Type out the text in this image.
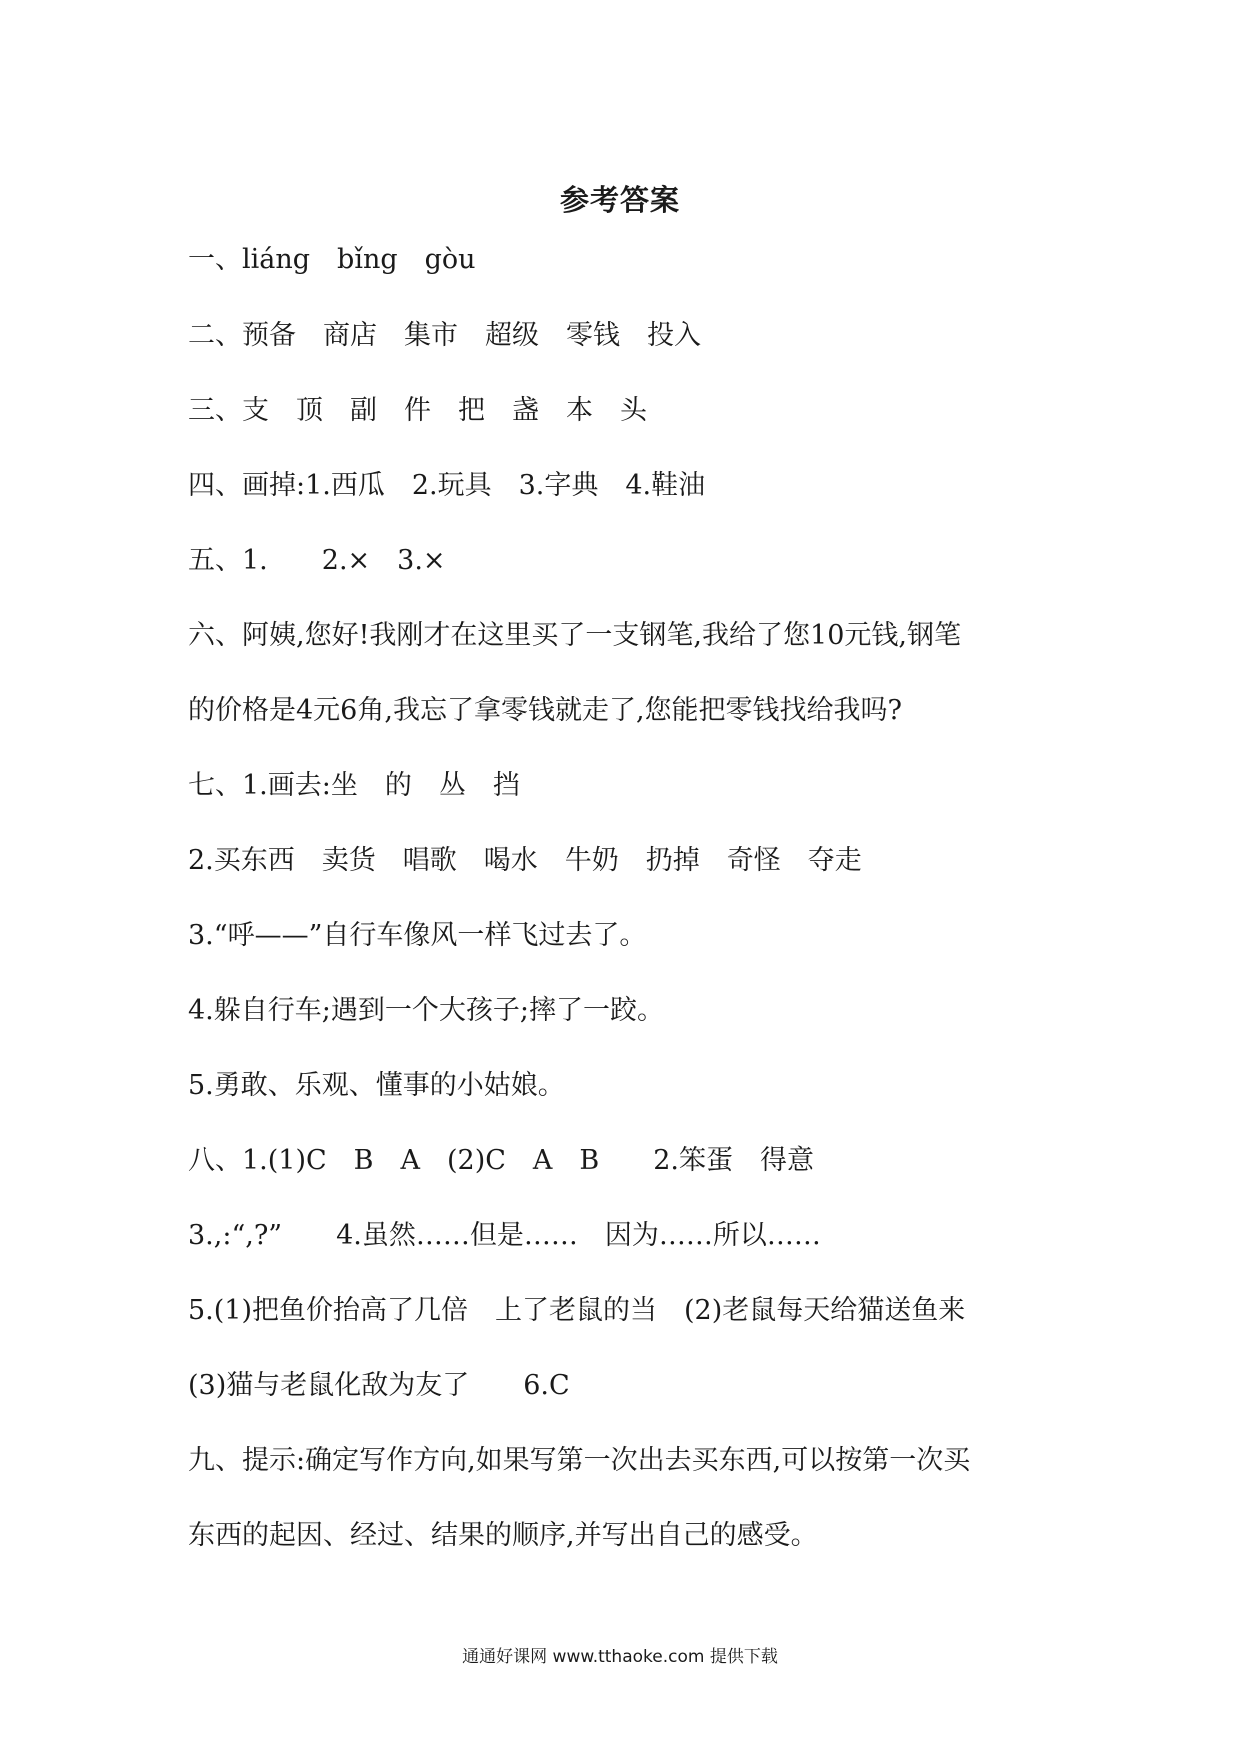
参考答案
一、liáng　bǐng　gòu
二、预备　商店　集市　超级　零钱　投入
三、支　顶　副　件　把　盏　本　头
四、画掉:1.西瓜　2.玩具　3.字典　4.鞋油
五、1.　　2.×　3.×
六、阿姨,您好!我刚才在这里买了一支钢笔,我给了您10元钱,钢笔
的价格是4元6角,我忘了拿零钱就走了,您能把零钱找给我吗?
七、1.画去:坐　的　丛　挡
2.买东西　卖货　唱歌　喝水　牛奶　扔掉　奇怪　夺走
3.“呼——”自行车像风一样飞过去了。
4.躲自行车;遇到一个大孩子;摔了一跤。
5.勇敢、乐观、懂事的小姑娘。
八、1.(1)C　B　A　(2)C　A　B　　2.笨蛋　得意
3.,:“,?”　　4.虽然……但是……　因为……所以……
5.(1)把鱼价抬高了几倍　上了老鼠的当　(2)老鼠每天给猫送鱼来
(3)猫与老鼠化敌为友了　　6.C
九、提示:确定写作方向,如果写第一次出去买东西,可以按第一次买
东西的起因、经过、结果的顺序,并写出自己的感受。
通通好课网 www.tthaoke.com 提供下载
